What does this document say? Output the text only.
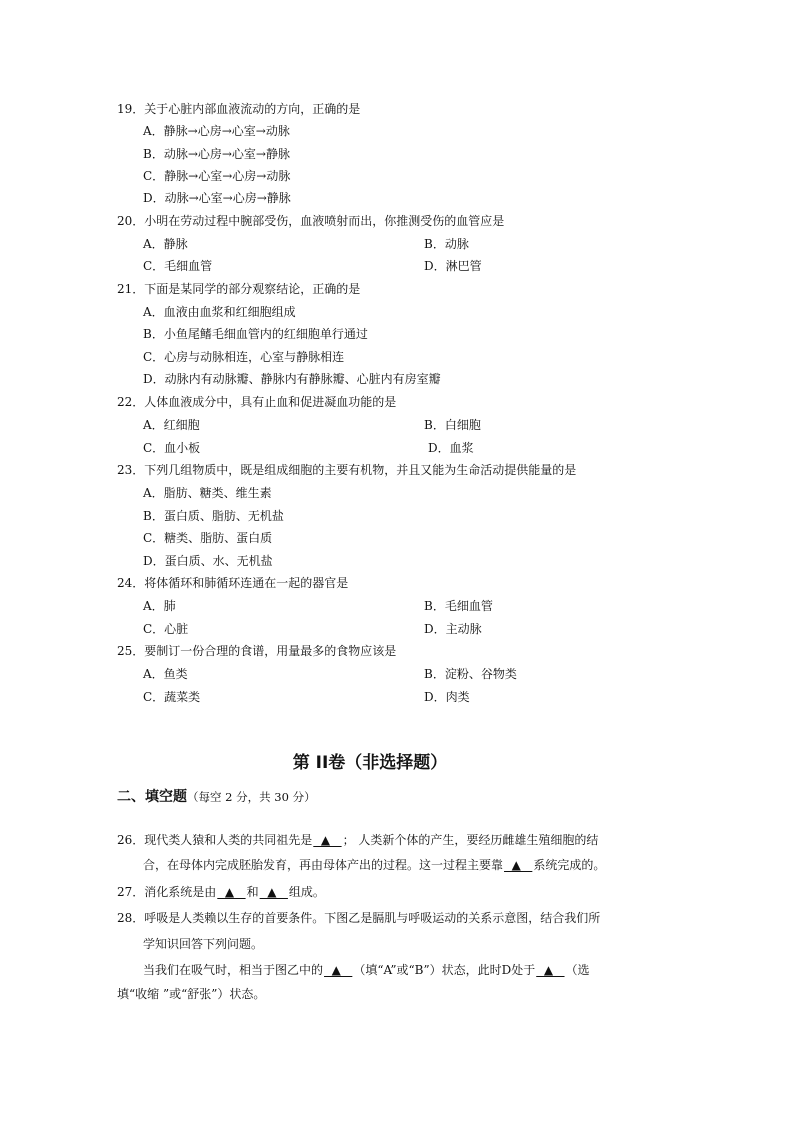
19．关于心脏内部血液流动的方向，正确的是
A．静脉→心房→心室→动脉
B．动脉→心房→心室→静脉
C．静脉→心室→心房→动脉
D．动脉→心室→心房→静脉
20．小明在劳动过程中腕部受伤，血液喷射而出，你推测受伤的血管应是
A．静脉	B．动脉
C．毛细血管	D．淋巴管
21．下面是某同学的部分观察结论，正确的是
A．血液由血浆和红细胞组成
B．小鱼尾鳍毛细血管内的红细胞单行通过
C．心房与动脉相连，心室与静脉相连
D．动脉内有动脉瓣、静脉内有静脉瓣、心脏内有房室瓣
22．人体血液成分中，具有止血和促进凝血功能的是
A．红细胞	B．白细胞
C．血小板	D．血浆
23．下列几组物质中，既是组成细胞的主要有机物，并且又能为生命活动提供能量的是
A．脂肪、糖类、维生素
B．蛋白质、脂肪、无机盐
C．糖类、脂肪、蛋白质
D．蛋白质、水、无机盐
24．将体循环和肺循环连通在一起的器官是
A．肺	B．毛细血管
C．心脏	D．主动脉
25．要制订一份合理的食谱，用量最多的食物应该是
A．鱼类	B．淀粉、谷物类
C．蔬菜类	D．肉类
第 II卷（非选择题）
二、填空题（每空 2 分，共 30 分）
26．现代类人猿和人类的共同祖先是  ▲   ； 人类新个体的产生，要经历雌雄生殖细胞的结
合，在母体内完成胚胎发育，再由母体产出的过程。这一过程主要靠  ▲   系统完成的。
27．消化系统是由  ▲   和  ▲   组成。
28．呼吸是人类赖以生存的首要条件。下图乙是膈肌与呼吸运动的关系示意图，结合我们所
学知识回答下列问题。
当我们在吸气时，相当于图乙中的  ▲   （填“A”或“B”）状态，此时D处于  ▲   （选
填“收缩 ”或“舒张”）状态。
